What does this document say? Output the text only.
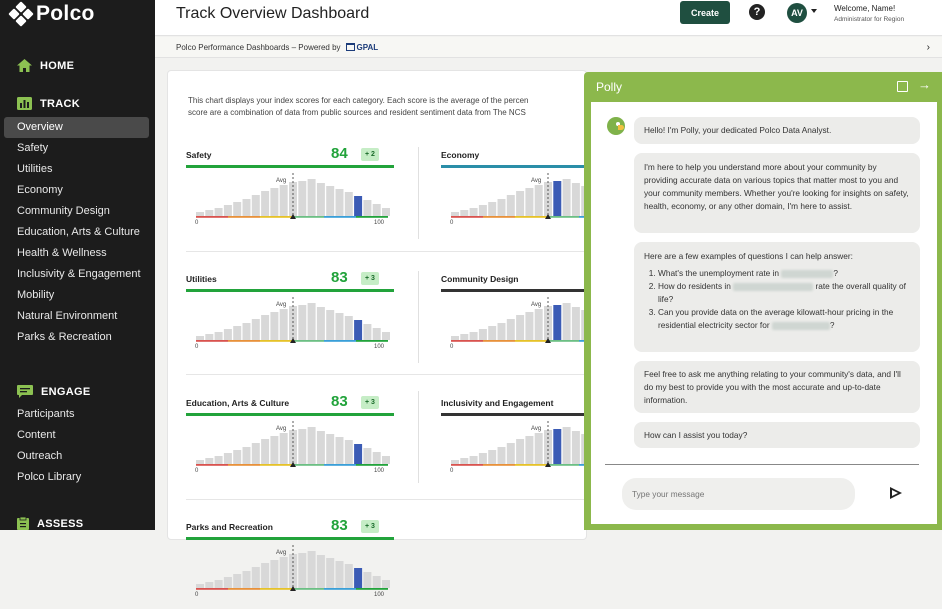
Polco
HOME
TRACK
Overview
Safety
Utilities
Economy
Community Design
Education, Arts & Culture
Health & Wellness
Inclusivity & Engagement
Mobility
Natural Environment
Parks & Recreation
ENGAGE
Participants
Content
Outreach
Polco Library
ASSESS
Track Overview Dashboard	Create	?	AV	Welcome, Name!
Administrator for Region
Polco Performance Dashboards – Powered by GPAL	›
This chart displays your index scores for each category. Each score is the average of the percen
score are a combination of data from public sources and resident sentiment data from The NCS
Safety	84	+ 2
Avg
0	100
Economy
Avg
0
Utilities	83	+ 3
Avg
0	100
Community Design
Avg
0
Education, Arts & Culture	83	+ 3
Avg
0	100
Inclusivity and Engagement
Avg
0
Parks and Recreation	83	+ 3
Avg
0	100
Polly	→
Hello! I'm Polly, your dedicated Polco Data Analyst.
I'm here to help you understand more about your community by providing accurate data on various topics that matter most to you and your community members. Whether you're looking for insights on safety, health, economy, or any other domain, I'm here to assist.
Here are a few examples of questions I can help answer:
1. What's the unemployment rate in	?
2. How do residents in	rate the overall quality of life?
3. Can you provide data on the average kilowatt-hour pricing in the residential electricity sector for	?
Feel free to ask me anything relating to your community's data, and I'll do my best to provide you with the most accurate and up-to-date information.
How can I assist you today?
Type your message
